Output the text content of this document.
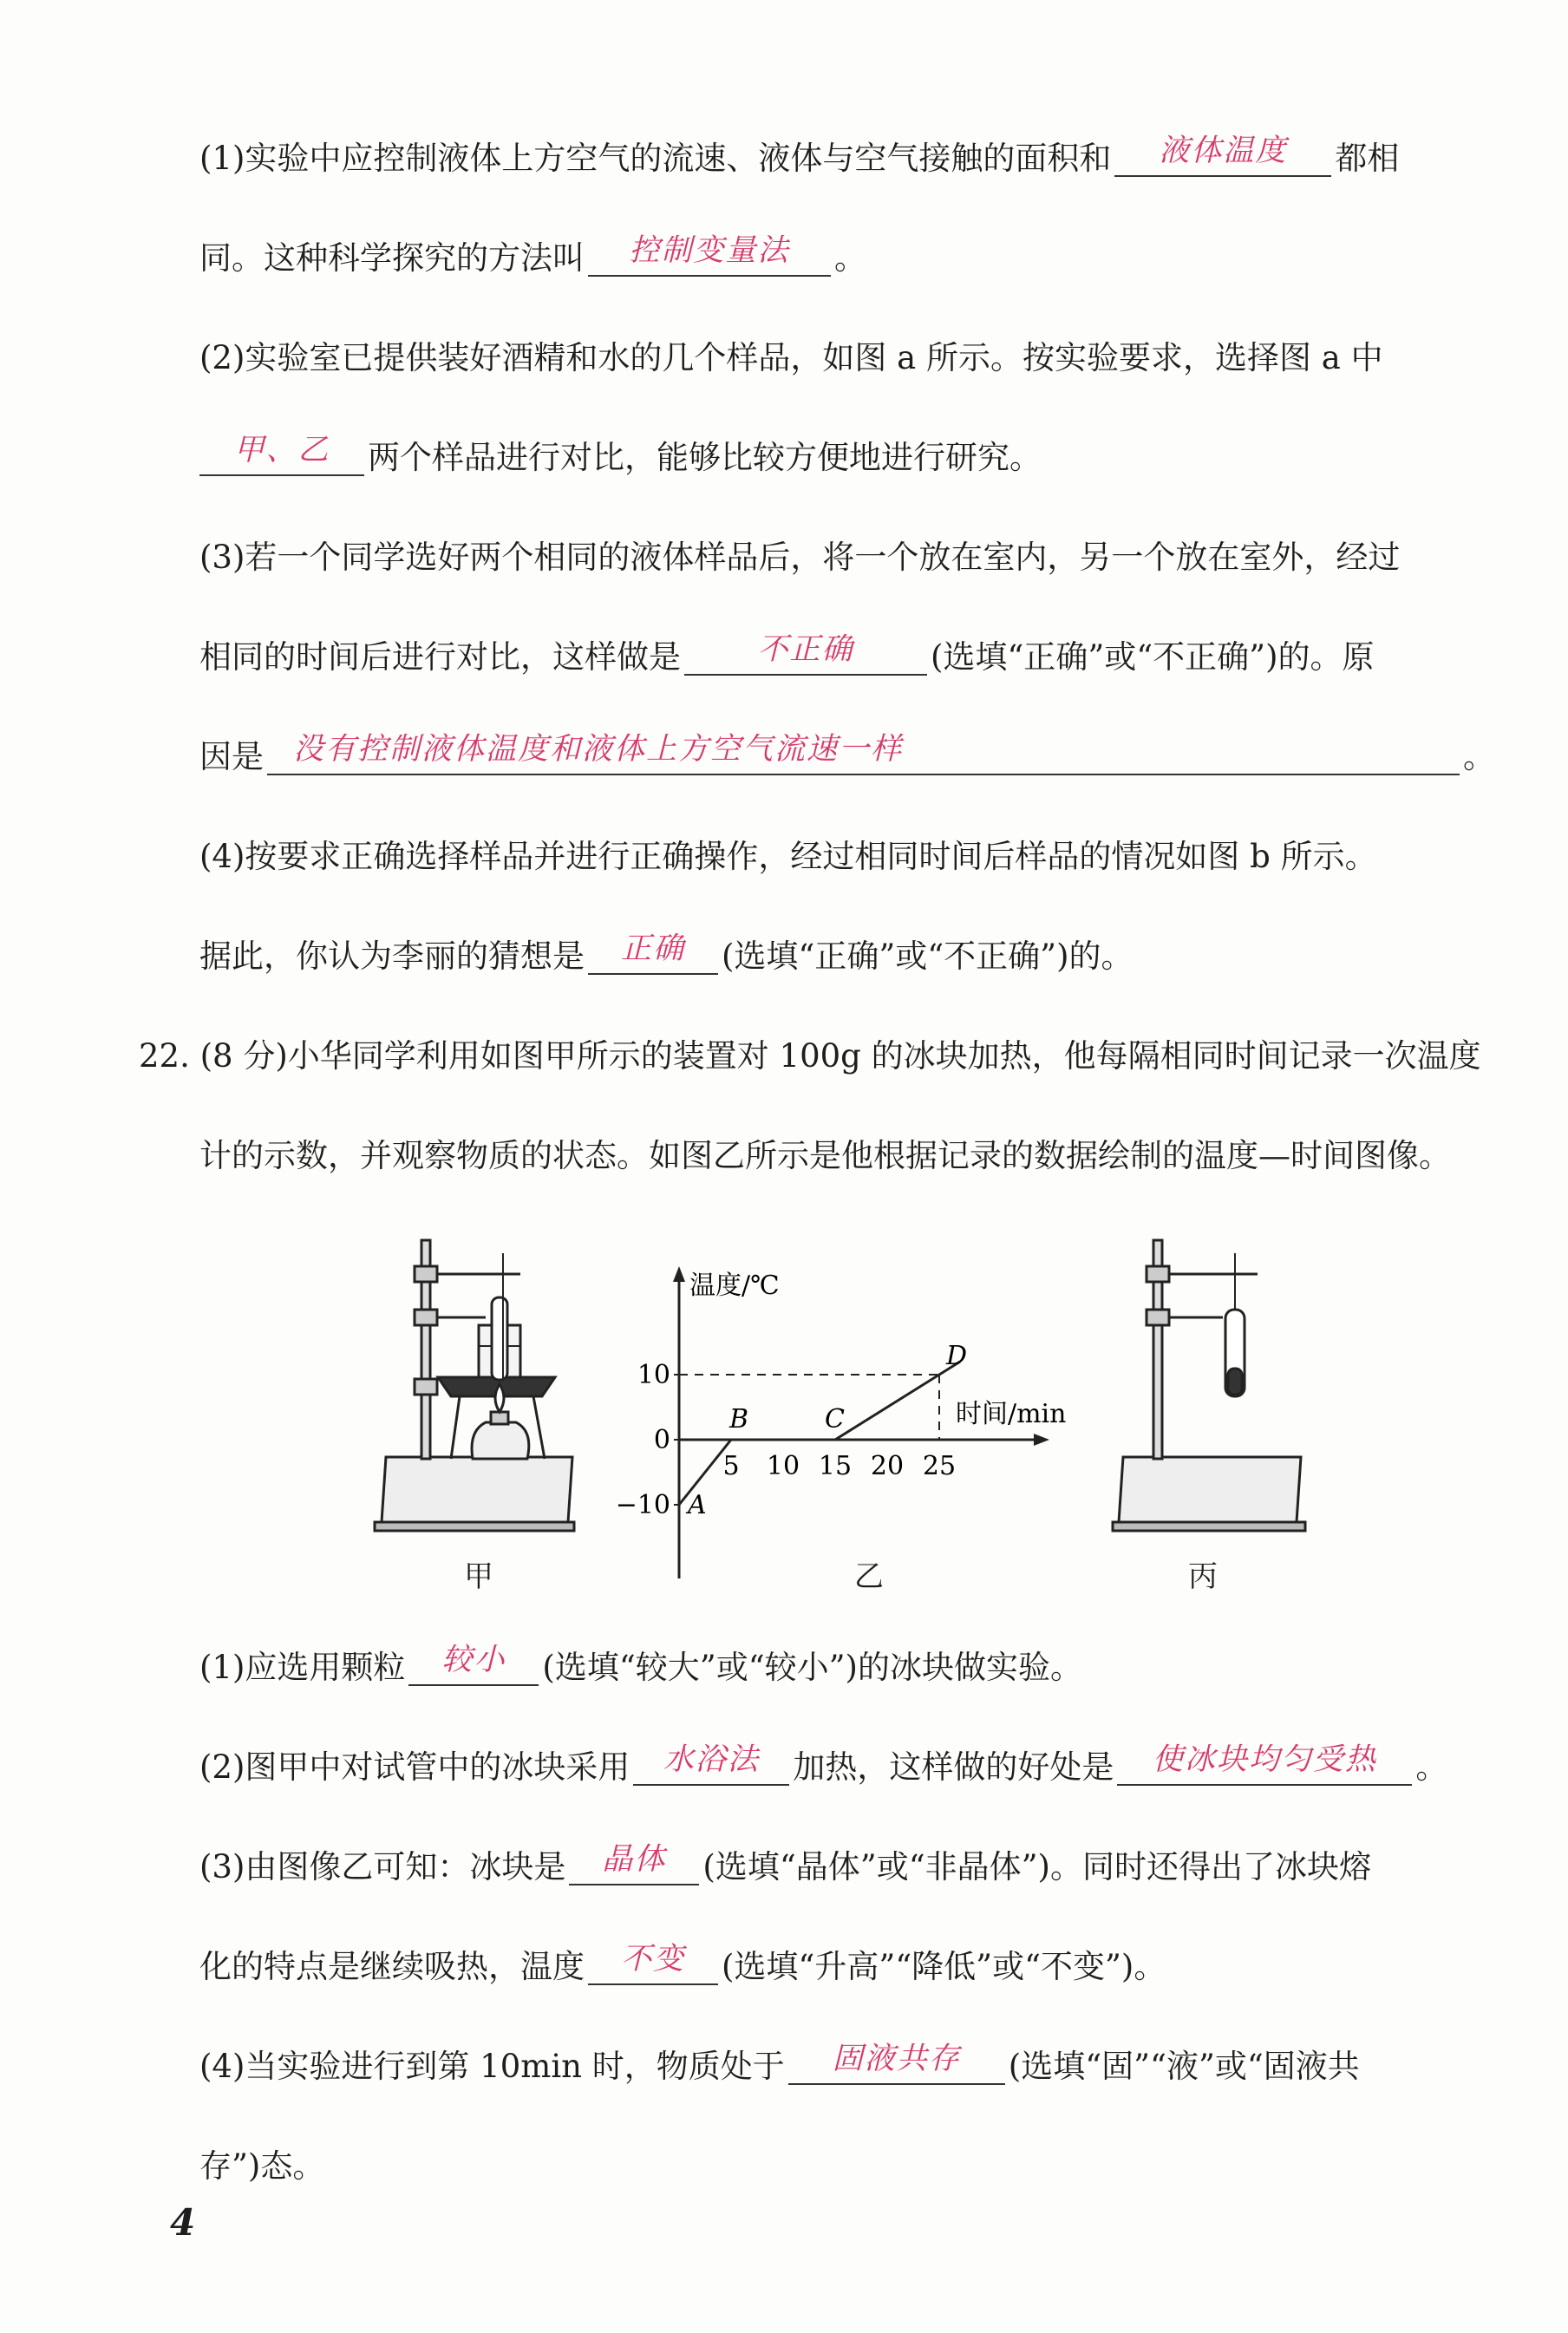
(1)实验中应控制液体上方空气的流速、液体与空气接触的面积和 液体温度 都相
同。这种科学探究的方法叫 控制变量法 。
(2)实验室已提供装好酒精和水的几个样品，如图 a 所示。按实验要求，选择图 a 中
甲、乙 两个样品进行对比，能够比较方便地进行研究。
(3)若一个同学选好两个相同的液体样品后，将一个放在室内，另一个放在室外，经过
相同的时间后进行对比，这样做是	不正确 (选填“正确”或“不正确”)的。原
因是 没有控制液体温度和液体上方空气流速一样	。
(4)按要求正确选择样品并进行正确操作，经过相同时间后样品的情况如图 b 所示。
据此，你认为李丽的猜想是 正确 (选填“正确”或“不正确”)的。
22. (8 分)小华同学利用如图甲所示的装置对 100g 的冰块加热，他每隔相同时间记录一次温度
计的示数，并观察物质的状态。如图乙所示是他根据记录的数据绘制的温度—时间图像。
温度/℃
时间/min
5 10 15 20 25
10
0
−10 A
B	C
D
甲	乙	丙
(1)应选用颗粒 较小 (选填“较大”或“较小”)的冰块做实验。
(2)图甲中对试管中的冰块采用 水浴法 加热，这样做的好处是 使冰块均匀受热 。
(3)由图像乙可知：冰块是 晶体 (选填“晶体”或“非晶体”)。同时还得出了冰块熔
化的特点是继续吸热，温度 不变 (选填“升高”“降低”或“不变”)。
(4)当实验进行到第 10min 时，物质处于 固液共存 (选填“固”“液”或“固液共
存”)态。
4
